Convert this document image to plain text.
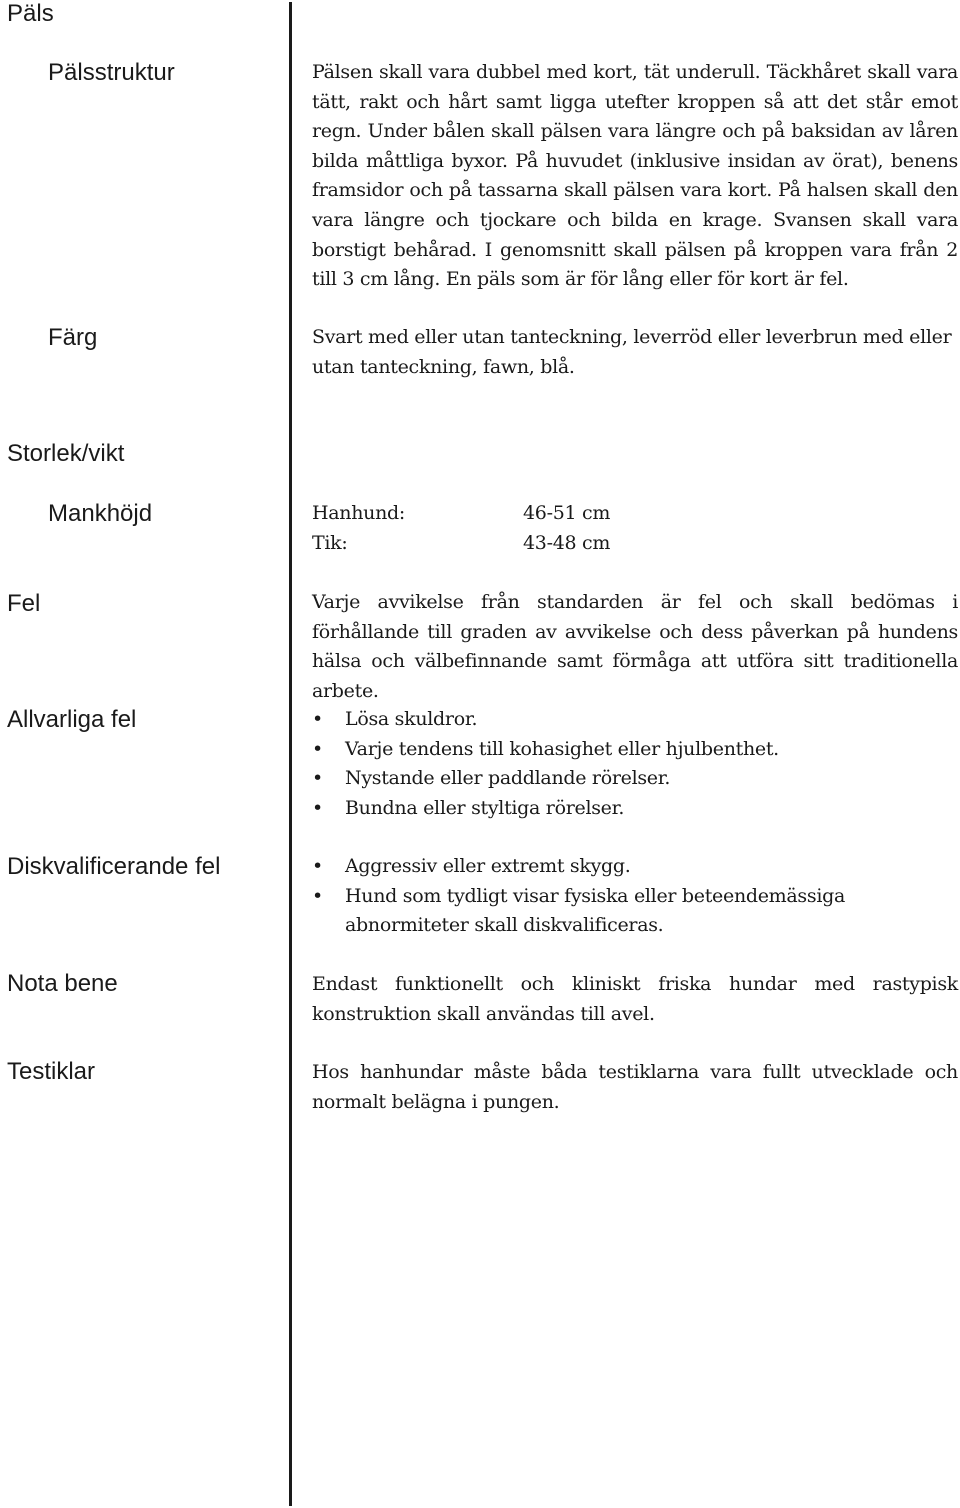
Päls
Pälsstruktur	Pälsen skall vara dubbel med kort, tät underull. Täckhåret skall vara tätt, rakt och hårt samt ligga utefter kroppen så att det står emot regn. Under bålen skall pälsen vara längre och på baksidan av låren bilda måttliga byxor. På huvudet (inklusive insidan av örat), benens framsidor och på tassarna skall pälsen vara kort. På halsen skall den vara längre och tjockare och bilda en krage. Svansen skall vara borstigt behårad. I genomsnitt skall pälsen på kroppen vara från 2 till 3 cm lång. En päls som är för lång eller för kort är fel.
Färg	Svart med eller utan tanteckning, leverröd eller leverbrun med eller utan tanteckning, fawn, blå.
Storlek/vikt
Mankhöjd	Hanhund:	46-51 cm
Tik:	43-48 cm
Fel	Varje avvikelse från standarden är fel och skall bedömas i förhållande till graden av avvikelse och dess påverkan på hundens hälsa och välbefinnande samt förmåga att utföra sitt traditionella arbete.
Allvarliga fel	• Lösa skuldror.
• Varje tendens till kohasighet eller hjulbenthet.
• Nystande eller paddlande rörelser.
• Bundna eller styltiga rörelser.
Diskvalificerande fel	• Aggressiv eller extremt skygg.
• Hund som tydligt visar fysiska eller beteendemässiga abnormiteter skall diskvalificeras.
Nota bene	Endast funktionellt och kliniskt friska hundar med rastypisk konstruktion skall användas till avel.
Testiklar	Hos hanhundar måste båda testiklarna vara fullt utvecklade och normalt belägna i pungen.
